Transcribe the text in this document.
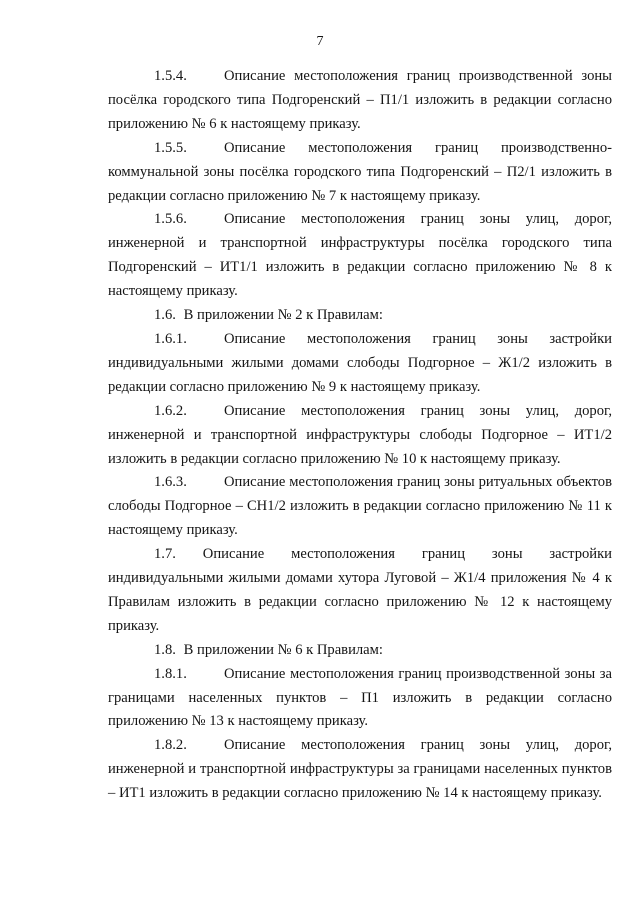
7

1.5.4.	Описание местоположения границ производственной зоны посёлка городского типа Подгоренский – П1/1 изложить в редакции согласно приложению № 6 к настоящему приказу.

1.5.5.	Описание местоположения границ производственно-коммунальной зоны посёлка городского типа Подгоренский – П2/1 изложить в редакции согласно приложению № 7 к настоящему приказу.

1.5.6.	Описание местоположения границ зоны улиц, дорог, инженерной и транспортной инфраструктуры посёлка городского типа Подгоренский – ИТ1/1 изложить в редакции согласно приложению № 8 к настоящему приказу.

1.6. В приложении № 2 к Правилам:

1.6.1.	Описание местоположения границ зоны застройки индивидуальными жилыми домами слободы Подгорное – Ж1/2 изложить в редакции согласно приложению № 9 к настоящему приказу.

1.6.2.	Описание местоположения границ зоны улиц, дорог, инженерной и транспортной инфраструктуры слободы Подгорное – ИТ1/2 изложить в редакции согласно приложению № 10 к настоящему приказу.

1.6.3.	Описание местоположения границ зоны ритуальных объектов слободы Подгорное – СН1/2 изложить в редакции согласно приложению № 11 к настоящему приказу.

1.7. Описание местоположения границ зоны застройки индивидуальными жилыми домами хутора Луговой – Ж1/4 приложения № 4 к Правилам изложить в редакции согласно приложению № 12 к настоящему приказу.

1.8. В приложении № 6 к Правилам:

1.8.1.	Описание местоположения границ производственной зоны за границами населенных пунктов – П1 изложить в редакции согласно приложению № 13 к настоящему приказу.

1.8.2.	Описание местоположения границ зоны улиц, дорог, инженерной и транспортной инфраструктуры за границами населенных пунктов – ИТ1 изложить в редакции согласно приложению № 14 к настоящему приказу.
